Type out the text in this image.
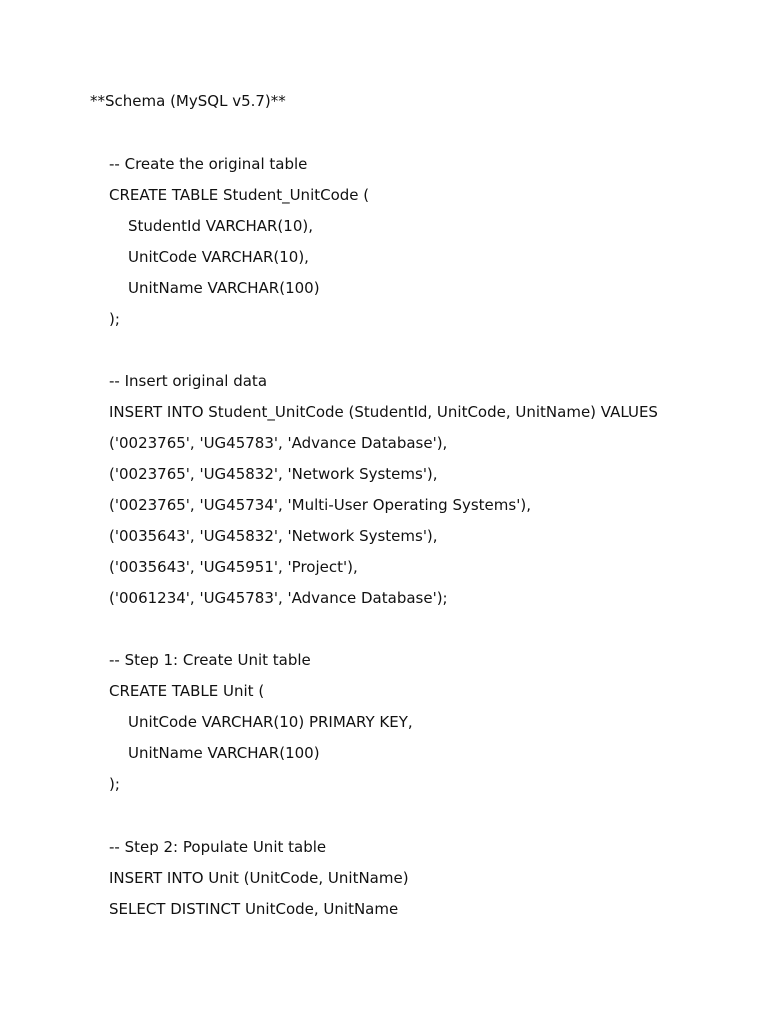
**Schema (MySQL v5.7)**
-- Create the original table
CREATE TABLE Student_UnitCode (
StudentId VARCHAR(10),
UnitCode VARCHAR(10),
UnitName VARCHAR(100)
);
-- Insert original data
INSERT INTO Student_UnitCode (StudentId, UnitCode, UnitName) VALUES
('0023765', 'UG45783', 'Advance Database'),
('0023765', 'UG45832', 'Network Systems'),
('0023765', 'UG45734', 'Multi-User Operating Systems'),
('0035643', 'UG45832', 'Network Systems'),
('0035643', 'UG45951', 'Project'),
('0061234', 'UG45783', 'Advance Database');
-- Step 1: Create Unit table
CREATE TABLE Unit (
UnitCode VARCHAR(10) PRIMARY KEY,
UnitName VARCHAR(100)
);
-- Step 2: Populate Unit table
INSERT INTO Unit (UnitCode, UnitName)
SELECT DISTINCT UnitCode, UnitName
